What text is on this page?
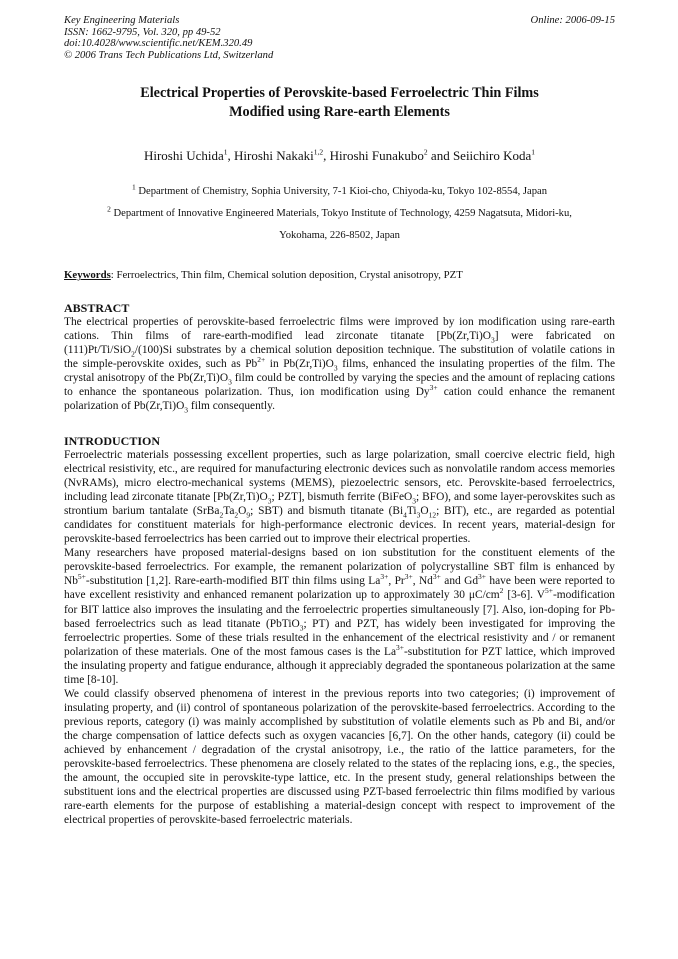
Key Engineering Materials
ISSN: 1662-9795, Vol. 320, pp 49-52
doi:10.4028/www.scientific.net/KEM.320.49
© 2006 Trans Tech Publications Ltd, Switzerland
Online: 2006-09-15
Electrical Properties of Perovskite-based Ferroelectric Thin Films
Modified using Rare-earth Elements
Hiroshi Uchida$^1$, Hiroshi Nakaki$^{1,2}$, Hiroshi Funakubo$^2$ and Seiichiro Koda$^1$
$^1$ Department of Chemistry, Sophia University, 7-1 Kioi-cho, Chiyoda-ku, Tokyo 102-8554, Japan
$^2$ Department of Innovative Engineered Materials, Tokyo Institute of Technology, 4259 Nagatsuta, Midori-ku,
Yokohama, 226-8502, Japan
Keywords: Ferroelectrics, Thin film, Chemical solution deposition, Crystal anisotropy, PZT
ABSTRACT

The electrical properties of perovskite-based ferroelectric films were improved by ion modification using rare-earth cations. Thin films of rare-earth-modified lead zirconate titanate $[Pb(Zr,Ti)O_3]$ were fabricated on (111)Pt/Ti/SiO$_2$/(100)Si substrates by a chemical solution deposition technique. The substitution of volatile cations in the simple-perovskite oxides, such as $Pb^{2+}$ in $Pb(Zr,Ti)O_3$ films, enhanced the insulating properties of the film. The crystal anisotropy of the $Pb(Zr,Ti)O_3$ film could be controlled by varying the species and the amount of replacing cations to enhance the spontaneous polarization. Thus, ion modification using $Dy^{3+}$ cation could enhance the remanent polarization of $Pb(Zr,Ti)O_3$ film consequently.

INTRODUCTION

Ferroelectric materials possessing excellent properties, such as large polarization, small coercive electric field, high electrical resistivity, etc., are required for manufacturing electronic devices such as nonvolatile random access memories (NvRAMs), micro electro-mechanical systems (MEMS), piezoelectric sensors, etc. Perovskite-based ferroelectrics, including lead zirconate titanate [$Pb(Zr,Ti)O_3$; PZT], bismuth ferrite (BiFeO$_3$; BFO), and some layer-perovskites such as strontium barium tantalate ($SrBa_2Ta_2O_9$; SBT) and bismuth titanate ($Bi_4Ti_3O_{12}$; BIT), etc., are regarded as potential candidates for constituent materials for high-performance electronic devices. In recent years, material-design for perovskite-based ferroelectrics has been carried out to improve their electrical properties.

Many researchers have proposed material-designs based on ion substitution for the constituent elements of the perovskite-based ferroelectrics. For example, the remanent polarization of polycrystalline SBT film is enhanced by $Nb^{5+}$-substitution [1,2]. Rare-earth-modified BIT thin films using $La^{3+}$, $Pr^{3+}$, $Nd^{3+}$ and $Gd^{3+}$ have been were reported to have excellent resistivity and enhanced remanent polarization up to approximately 30 $\mu C/cm^2$ [3-6]. $V^{5+}$-modification for BIT lattice also improves the insulating and the ferroelectric properties simultaneously [7]. Also, ion-doping for Pb-based ferroelectrics such as lead titanate (PbTiO$_3$; PT) and PZT, has widely been investigated for improving the ferroelectric properties. Some of these trials resulted in the enhancement of the electrical resistivity and / or remanent polarization of these materials. One of the most famous cases is the $La^{3+}$-substitution for PZT lattice, which improved the insulating property and fatigue endurance, although it appreciably degraded the spontaneous polarization at the same time [8-10].

We could classify observed phenomena of interest in the previous reports into two categories; (i) improvement of insulating property, and (ii) control of spontaneous polarization of the perovskite-based ferroelectrics. According to the previous reports, category (i) was mainly accomplished by substitution of volatile elements such as Pb and Bi, and/or the charge compensation of lattice defects such as oxygen vacancies [6,7]. On the other hands, category (ii) could be achieved by enhancement / degradation of the crystal anisotropy, i.e., the ratio of the lattice parameters, for the perovskite-based ferroelectrics. These phenomena are closely related to the states of the replacing ions, e.g., the species, the amount, the occupied site in perovskite-type lattice, etc. In the present study, general relationships between the substituent ions and the electrical properties are discussed using PZT-based ferroelectric thin films modified by various rare-earth elements for the purpose of establishing a material-design concept with respect to improvement of the electrical properties of perovskite-based ferroelectric materials.
